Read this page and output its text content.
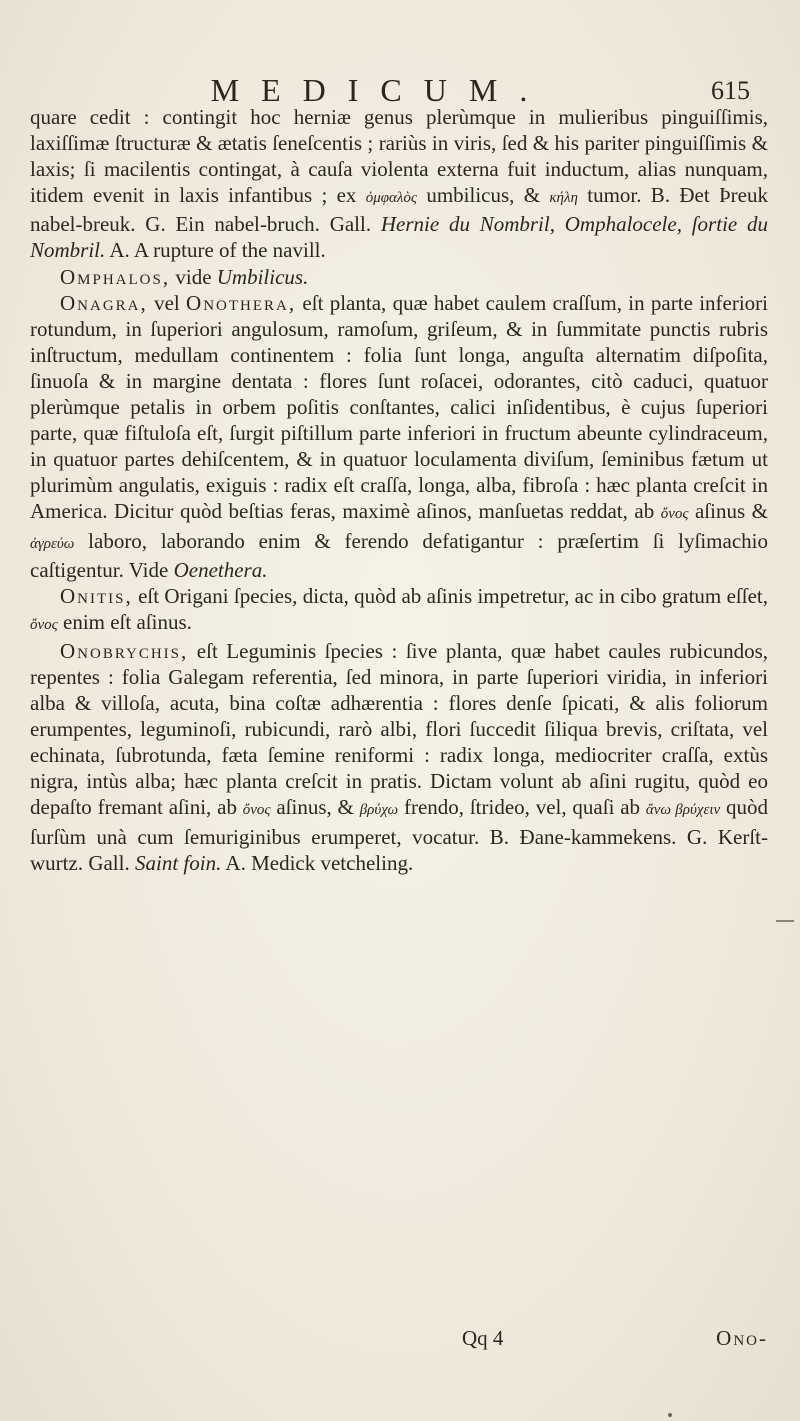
MEDICUM.	615

quare cedit : contingit hoc herniæ genus plerùmque in mulieribus pinguiſſimis, laxiſſimæ ſtructuræ & ætatis ſeneſcentis ; rariùs in viris, ſed & his pariter pinguiſſimis & laxis; ſi macilentis contingat, à cauſa violenta externa fuit inductum, alias nunquam, itidem evenit in laxis infantibus ; ex ὀμφαλὸς umbilicus, & κήλη tumor. B. Ðet Þreuk nabel-breuk. G. Ein nabel-bruch. Gall. Hernie du Nombril, Omphalocele, ſortie du Nombril. A. A rupture of the navill.

Omphalos, vide Umbilicus.

Onagra, vel Onothera, eſt planta, quæ habet caulem craſſum, in parte inferiori rotundum, in ſuperiori angulosum, ramoſum, griſeum, & in ſummitate punctis rubris inſtructum, medullam continentem : folia ſunt longa, anguſta alternatim diſpoſita, ſinuoſa & in margine dentata : flores ſunt roſacei, odorantes, citò caduci, quatuor plerùmque petalis in orbem poſitis conſtantes, calici inſidentibus, è cujus ſuperiori parte, quæ fiſtuloſa eſt, ſurgit piſtillum parte inferiori in fructum abeunte cylindraceum, in quatuor partes dehiſcentem, & in quatuor loculamenta diviſum, ſeminibus fætum ut plurimùm angulatis, exiguis : radix eſt craſſa, longa, alba, fibroſa : hæc planta creſcit in America. Dicitur quòd beſtias feras, maximè aſinos, manſuetas reddat, ab ὄνος aſinus & ἀγρεύω laboro, laborando enim & ferendo defatigantur : præſertim ſi lyſimachio caſtigentur. Vide Oenethera.

Onitis, eſt Origani ſpecies, dicta, quòd ab aſinis impetretur, ac in cibo gratum eſſet, ὄνος enim eſt aſinus.

Onobrychis, eſt Leguminis ſpecies : ſive planta, quæ habet caules rubicundos, repentes : folia Galegam referentia, ſed minora, in parte ſuperiori viridia, in inferiori alba & villoſa, acuta, bina coſtæ adhærentia : flores denſe ſpicati, & alis foliorum erumpentes, leguminoſi, rubicundi, rarò albi, flori ſuccedit ſiliqua brevis, criſtata, vel echinata, ſubrotunda, fæta ſemine reniformi : radix longa, mediocriter craſſa, extùs nigra, intùs alba; hæc planta creſcit in pratis. Dictam volunt ab aſini rugitu, quòd eo depaſto fremant aſini, ab ὄνος aſinus, & βρύχω frendo, ſtrideo, vel, quaſi ab ἄνω βρύχειν quòd ſurſùm unà cum ſemuriginibus erumperet, vocatur. B. Ðane-kammekens. G. Kerſt-wurtz. Gall. Saint foin. A. Medick vetcheling.

Qq 4	Ono-
